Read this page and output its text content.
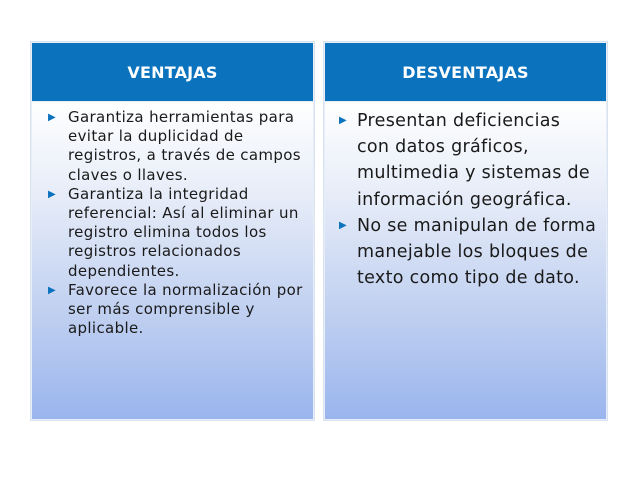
VENTAJAS
▶ Garantiza herramientas para evitar la duplicidad de registros, a través de campos claves o llaves.
▶ Garantiza la integridad referencial: Así al eliminar un registro elimina todos los registros relacionados dependientes.
▶ Favorece la normalización por ser más comprensible y aplicable.
DESVENTAJAS
▶ Presentan deficiencias con datos gráficos, multimedia y sistemas de información geográfica.
▶ No se manipulan de forma manejable los bloques de texto como tipo de dato.
